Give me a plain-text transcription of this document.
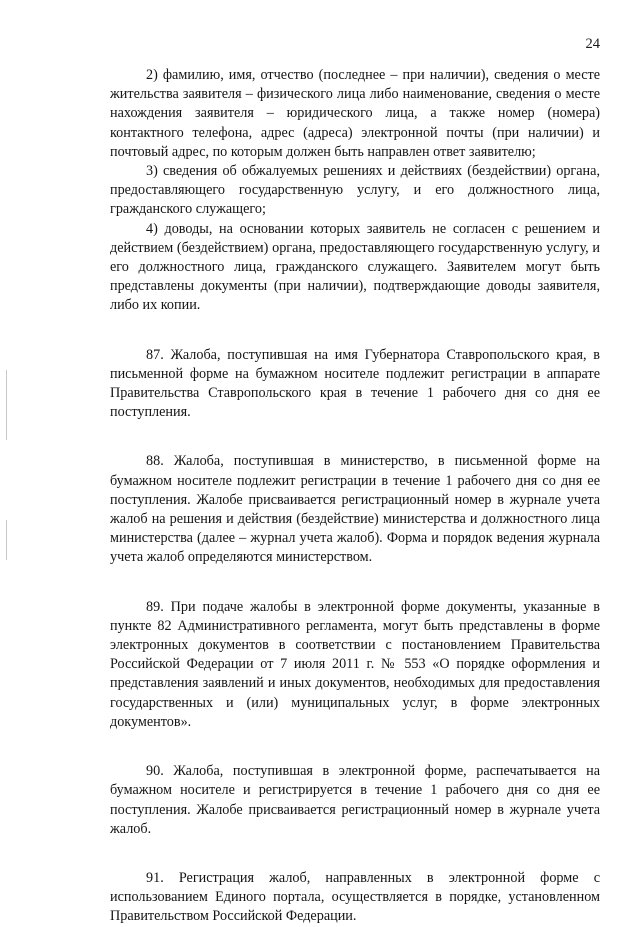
24

2) фамилию, имя, отчество (последнее – при наличии), сведения о месте жительства заявителя – физического лица либо наименование, сведения о месте нахождения заявителя – юридического лица, а также номер (номера) контактного телефона, адрес (адреса) электронной почты (при наличии) и почтовый адрес, по которым должен быть направлен ответ заявителю;

3) сведения об обжалуемых решениях и действиях (бездействии) органа, предоставляющего государственную услугу, и его должностного лица, гражданского служащего;

4) доводы, на основании которых заявитель не согласен с решением и действием (бездействием) органа, предоставляющего государственную услугу, и его должностного лица, гражданского служащего. Заявителем могут быть представлены документы (при наличии), подтверждающие доводы заявителя, либо их копии.

87. Жалоба, поступившая на имя Губернатора Ставропольского края, в письменной форме на бумажном носителе подлежит регистрации в аппарате Правительства Ставропольского края в течение 1 рабочего дня со дня ее поступления.

88. Жалоба, поступившая в министерство, в письменной форме на бумажном носителе подлежит регистрации в течение 1 рабочего дня со дня ее поступления. Жалобе присваивается регистрационный номер в журнале учета жалоб на решения и действия (бездействие) министерства и должностного лица министерства (далее – журнал учета жалоб). Форма и порядок ведения журнала учета жалоб определяются министерством.

89. При подаче жалобы в электронной форме документы, указанные в пункте 82 Административного регламента, могут быть представлены в форме электронных документов в соответствии с постановлением Правительства Российской Федерации от 7 июля 2011 г. № 553 «О порядке оформления и представления заявлений и иных документов, необходимых для предоставления государственных и (или) муниципальных услуг, в форме электронных документов».

90. Жалоба, поступившая в электронной форме, распечатывается на бумажном носителе и регистрируется в течение 1 рабочего дня со дня ее поступления. Жалобе присваивается регистрационный номер в журнале учета жалоб.

91. Регистрация жалоб, направленных в электронной форме с использованием Единого портала, осуществляется в порядке, установленном Правительством Российской Федерации.
